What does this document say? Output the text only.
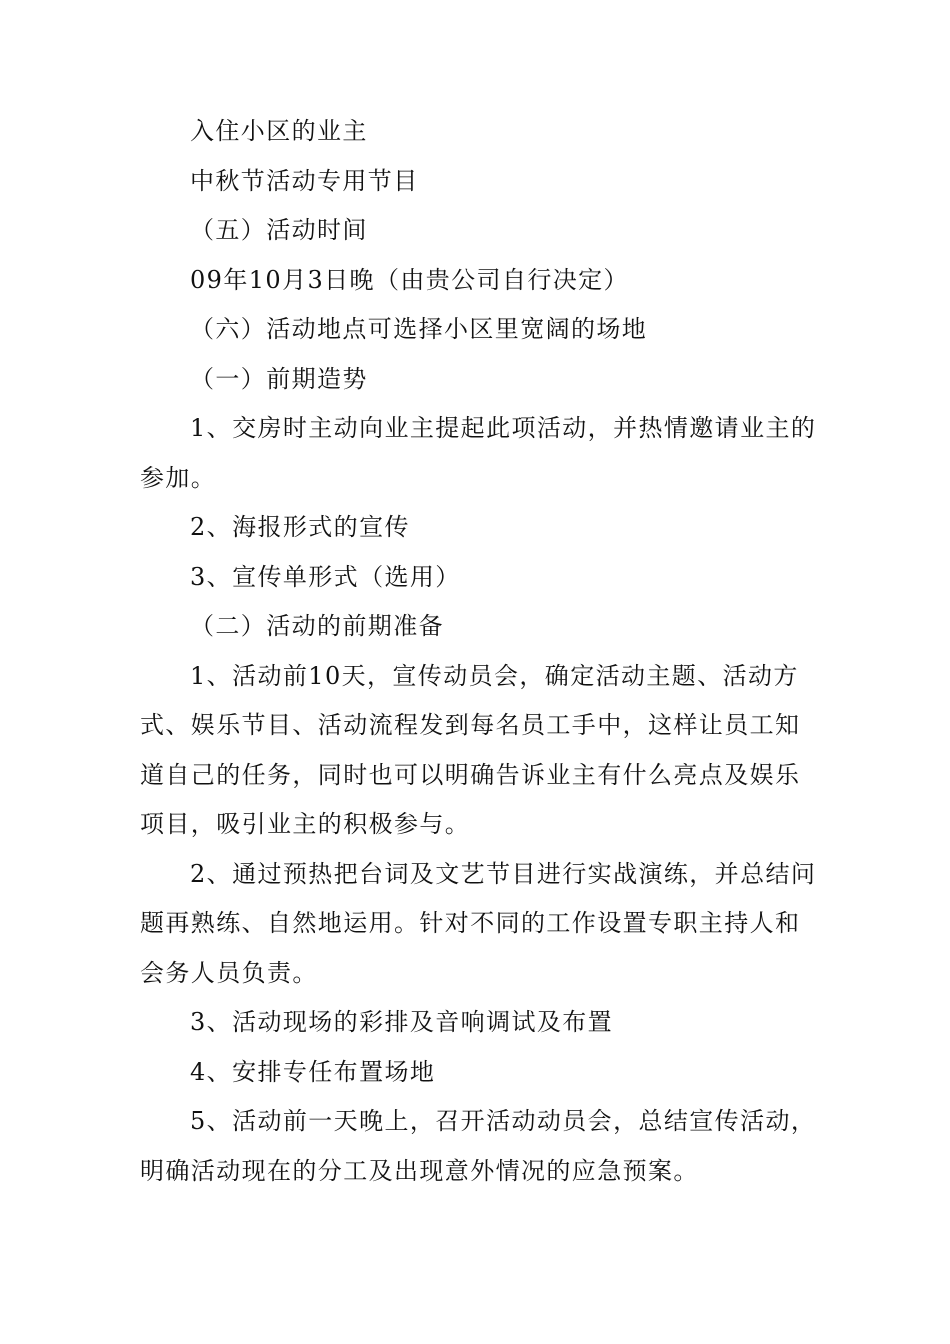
入住小区的业主

中秋节活动专用节目

（五）活动时间

09年10月3日晚（由贵公司自行决定）

（六）活动地点可选择小区里宽阔的场地

（一）前期造势

1、交房时主动向业主提起此项活动，并热情邀请业主的参加。

2、海报形式的宣传

3、宣传单形式（选用）

（二）活动的前期准备

1、活动前10天，宣传动员会，确定活动主题、活动方式、娱乐节目、活动流程发到每名员工手中，这样让员工知道自己的任务，同时也可以明确告诉业主有什么亮点及娱乐项目，吸引业主的积极参与。

2、通过预热把台词及文艺节目进行实战演练，并总结问题再熟练、自然地运用。针对不同的工作设置专职主持人和会务人员负责。

3、活动现场的彩排及音响调试及布置

4、安排专任布置场地

5、活动前一天晚上，召开活动动员会，总结宣传活动，明确活动现在的分工及出现意外情况的应急预案。
